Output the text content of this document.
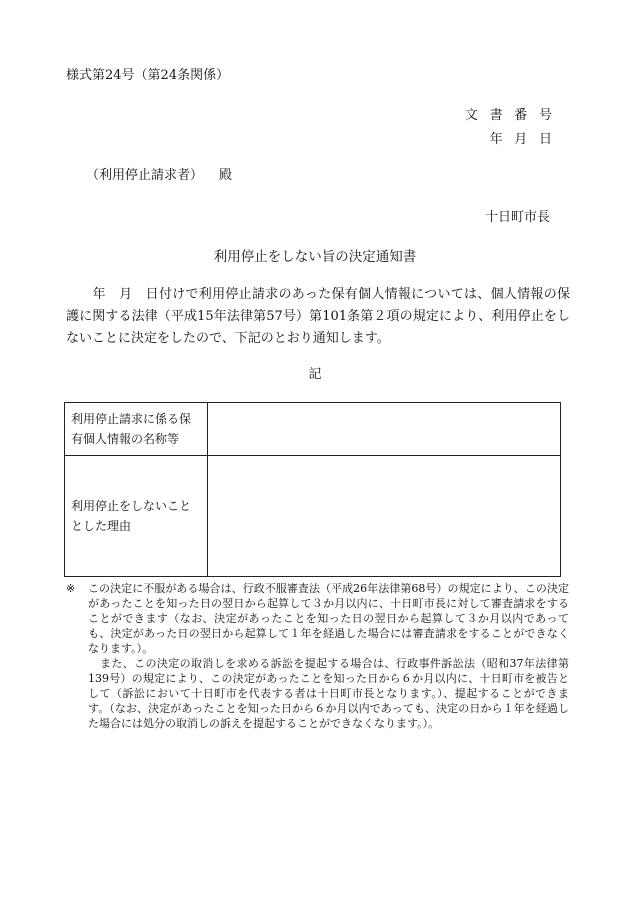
様式第24号（第24条関係）
文書番号
年月日
（利用停止請求者） 殿
十日町市長
利用停止をしない旨の決定通知書
　　年　月　日付けで利用停止請求のあった保有個人情報については、個人情報の保護に関する法律（平成15年法律第57号）第101条第２項の規定により、利用停止をしないことに決定をしたので、下記のとおり通知します。
記
利用停止請求に係る保有個人情報の名称等	
利用停止をしないこととした理由	

※ この決定に不服がある場合は、行政不服審査法（平成26年法律第68号）の規定により、この決定があったことを知った日の翌日から起算して３か月以内に、十日町市長に対して審査請求をすることができます（なお、決定があったことを知った日の翌日から起算して３か月以内であっても、決定があった日の翌日から起算して１年を経過した場合には審査請求をすることができなくなります。）。

また、この決定の取消しを求める訴訟を提起する場合は、行政事件訴訟法（昭和37年法律第139号）の規定により、この決定があったことを知った日から６か月以内に、十日町市を被告として（訴訟において十日町市を代表する者は十日町市長となります。）、提起することができます。（なお、決定があったことを知った日から６か月以内であっても、決定の日から１年を経過した場合には処分の取消しの訴えを提起することができなくなります。）。
